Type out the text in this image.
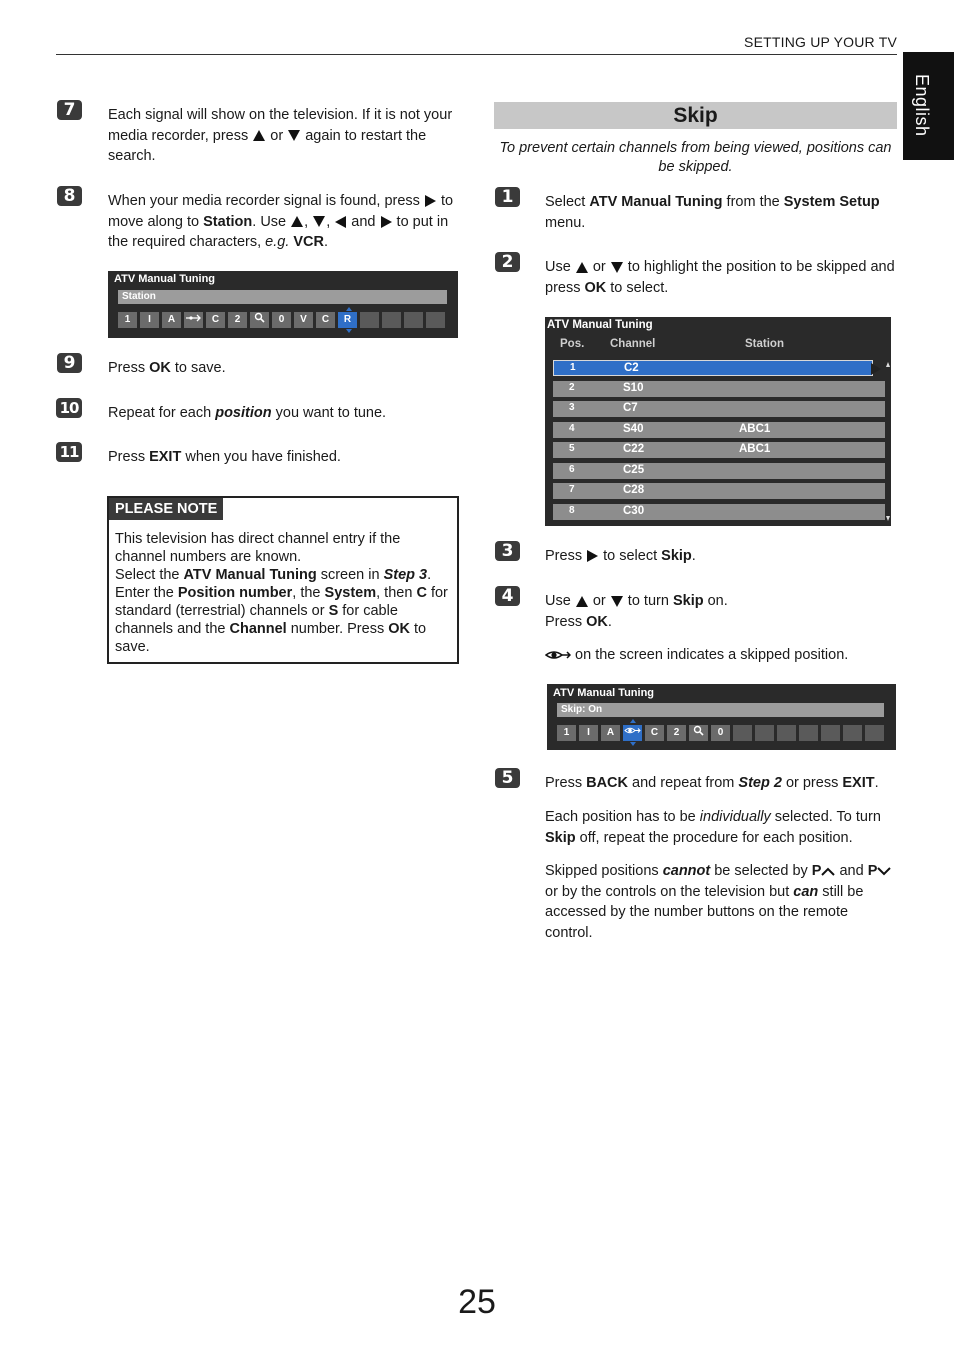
SETTING UP YOUR TV
English
7	Each signal will show on the television. If it is not your media recorder, press  or  again to restart the search.
8	When your media recorder signal is found, press  to move along to Station. Use , ,  and  to put in the required characters, e.g. VCR.
ATV Manual Tuning
Station
1	I	A	C	2	0	V	C	R
9	Press OK to save.
10 Repeat for each position you want to tune.
11 Press EXIT when you have finished.
PLEASE NOTE
This television has direct channel entry if the channel numbers are known.
Select the ATV Manual Tuning screen in Step 3. Enter the Position number, the System, then C for standard (terrestrial) channels or S for cable channels and the Channel number. Press OK to save.
Skip
To prevent certain channels from being viewed, positions can be skipped.
1	Select ATV Manual Tuning from the System Setup menu.
2	Use  or  to highlight the position to be skipped and press OK to select.
ATV Manual Tuning
Pos. Channel	Station
1	C2
2	S10
3	C7
4	S40	ABC1
5	C22	ABC1
6	C25
7	C28
8	C30
3	Press  to select Skip.
4	Use  or  to turn Skip on.
Press OK.
on the screen indicates a skipped position.
ATV Manual Tuning
Skip: On
1	I	A	C	2	0
5	Press BACK and repeat from Step 2 or press EXIT.
Each position has to be individually selected. To turn Skip off, repeat the procedure for each position.
Skipped positions cannot be selected by P and P or by the controls on the television but can still be accessed by the number buttons on the remote control.
25
